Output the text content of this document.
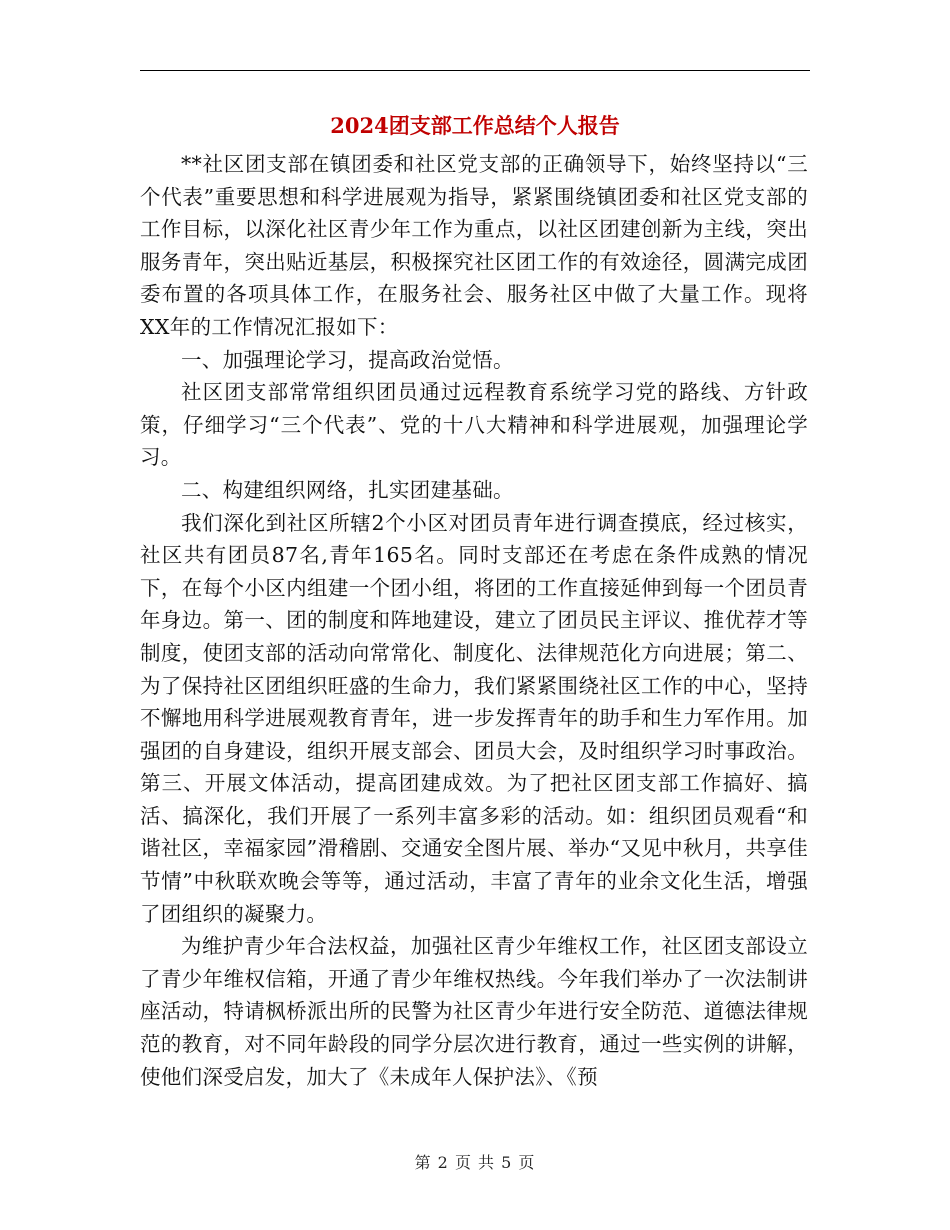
2024团支部工作总结个人报告

**社区团支部在镇团委和社区党支部的正确领导下，始终坚持以“三个代表”重要思想和科学进展观为指导，紧紧围绕镇团委和社区党支部的工作目标，以深化社区青少年工作为重点，以社区团建创新为主线，突出服务青年，突出贴近基层，积极探究社区团工作的有效途径，圆满完成团委布置的各项具体工作，在服务社会、服务社区中做了大量工作。现将XX年的工作情况汇报如下：

一、加强理论学习，提高政治觉悟。

社区团支部常常组织团员通过远程教育系统学习党的路线、方针政策，仔细学习“三个代表”、党的十八大精神和科学进展观，加强理论学习。

二、构建组织网络，扎实团建基础。

我们深化到社区所辖2个小区对团员青年进行调查摸底，经过核实，社区共有团员87名,青年165名。同时支部还在考虑在条件成熟的情况下，在每个小区内组建一个团小组，将团的工作直接延伸到每一个团员青年身边。第一、团的制度和阵地建设，建立了团员民主评议、推优荐才等制度，使团支部的活动向常常化、制度化、法律规范化方向进展；第二、为了保持社区团组织旺盛的生命力，我们紧紧围绕社区工作的中心，坚持不懈地用科学进展观教育青年，进一步发挥青年的助手和生力军作用。加强团的自身建设，组织开展支部会、团员大会，及时组织学习时事政治。第三、开展文体活动，提高团建成效。为了把社区团支部工作搞好、搞活、搞深化，我们开展了一系列丰富多彩的活动。如：组织团员观看“和谐社区，幸福家园”滑稽剧、交通安全图片展、举办“又见中秋月，共享佳节情”中秋联欢晚会等等，通过活动，丰富了青年的业余文化生活，增强了团组织的凝聚力。

为维护青少年合法权益，加强社区青少年维权工作，社区团支部设立了青少年维权信箱，开通了青少年维权热线。今年我们举办了一次法制讲座活动，特请枫桥派出所的民警为社区青少年进行安全防范、道德法律规范的教育，对不同年龄段的同学分层次进行教育，通过一些实例的讲解，使他们深受启发，加大了《未成年人保护法》、《预

第 2 页 共 5 页
